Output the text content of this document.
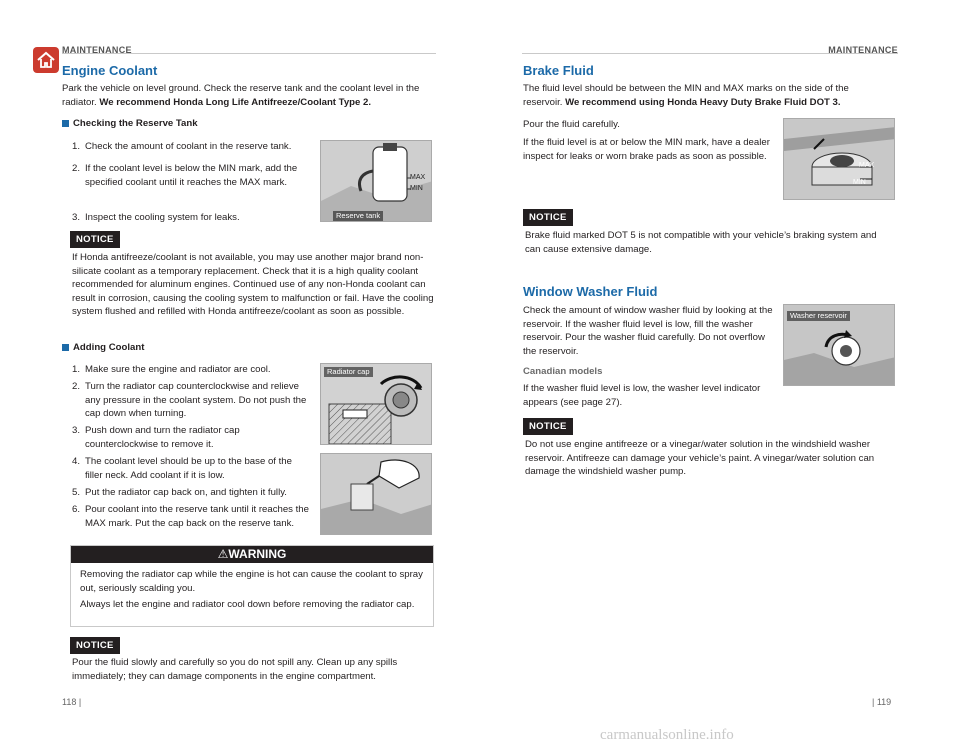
MAINTENANCE
Engine Coolant
Park the vehicle on level ground. Check the reserve tank and the coolant level in the radiator. We recommend Honda Long Life Antifreeze/Coolant Type 2.
Checking the Reserve Tank
1. Check the amount of coolant in the reserve tank.
2. If the coolant level is below the MIN mark, add the specified coolant until it reaches the MAX mark.
3. Inspect the cooling system for leaks.
MAX
MIN
Reserve tank
NOTICE
If Honda antifreeze/coolant is not available, you may use another major brand non-silicate coolant as a temporary replacement. Check that it is a high quality coolant recommended for aluminum engines. Continued use of any non-Honda coolant can result in corrosion, causing the cooling system to malfunction or fail. Have the cooling system flushed and refilled with Honda antifreeze/coolant as soon as possible.
Adding Coolant
1. Make sure the engine and radiator are cool.
2. Turn the radiator cap counterclockwise and relieve any pressure in the coolant system. Do not push the cap down when turning.
3. Push down and turn the radiator cap counterclockwise to remove it.
4. The coolant level should be up to the base of the filler neck. Add coolant if it is low.
5. Put the radiator cap back on, and tighten it fully.
6. Pour coolant into the reserve tank until it reaches the MAX mark. Put the cap back on the reserve tank.
Radiator cap
⚠WARNING
Removing the radiator cap while the engine is hot can cause the coolant to spray out, seriously scalding you.
Always let the engine and radiator cool down before removing the radiator cap.
NOTICE
Pour the fluid slowly and carefully so you do not spill any. Clean up any spills immediately; they can damage components in the engine compartment.
118 |
MAINTENANCE
Brake Fluid
The fluid level should be between the MIN and MAX marks on the side of the reservoir. We recommend using Honda Heavy Duty Brake Fluid DOT 3.
Pour the fluid carefully.
If the fluid level is at or below the MIN mark, have a dealer inspect for leaks or worn brake pads as soon as possible.
MAX
MIN
NOTICE
Brake fluid marked DOT 5 is not compatible with your vehicle’s braking system and can cause extensive damage.
Window Washer Fluid
Check the amount of window washer fluid by looking at the reservoir. If the washer fluid level is low, fill the washer reservoir. Pour the washer fluid carefully. Do not overflow the reservoir.
Canadian models
If the washer fluid level is low, the washer level indicator appears (see page 27).
Washer reservoir
NOTICE
Do not use engine antifreeze or a vinegar/water solution in the windshield washer reservoir. Antifreeze can damage your vehicle’s paint. A vinegar/water solution can damage the windshield washer pump.
| 119
carmanualsonline.info
